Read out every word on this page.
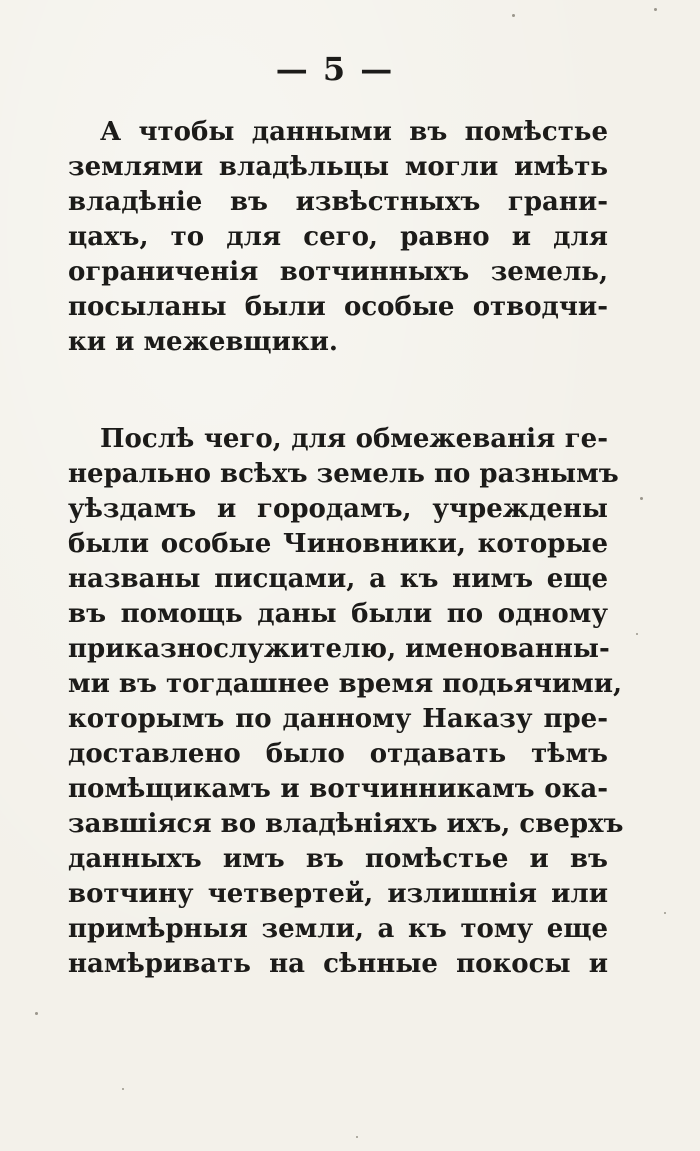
— 5 —
А чтобы данными въ помѣстье
землями владѣльцы могли имѣть
владѣніе въ извѣстныхъ грани-
цахъ, то для сего, равно и для
ограниченія вотчинныхъ земель,
посыланы были особые отводчи-
ки и межевщики.
Послѣ чего, для обмежеванія ге-
нерально всѣхъ земель по разнымъ
уѣздамъ и городамъ, учреждены
были особые Чиновники, которые
названы писцами, а къ нимъ еще
въ помощь даны были по одному
приказнослужителю, именованны-
ми въ тогдашнее время подьячими,
которымъ по данному Наказу пре-
доставлено было отдавать тѣмъ
помѣщикамъ и вотчинникамъ ока-
завшіяся во владѣніяхъ ихъ, сверхъ
данныхъ имъ въ помѣстье и въ
вотчину четвертей, излишнія или
примѣрныя земли, а къ тому еще
намѣривать на сѣнные покосы и
